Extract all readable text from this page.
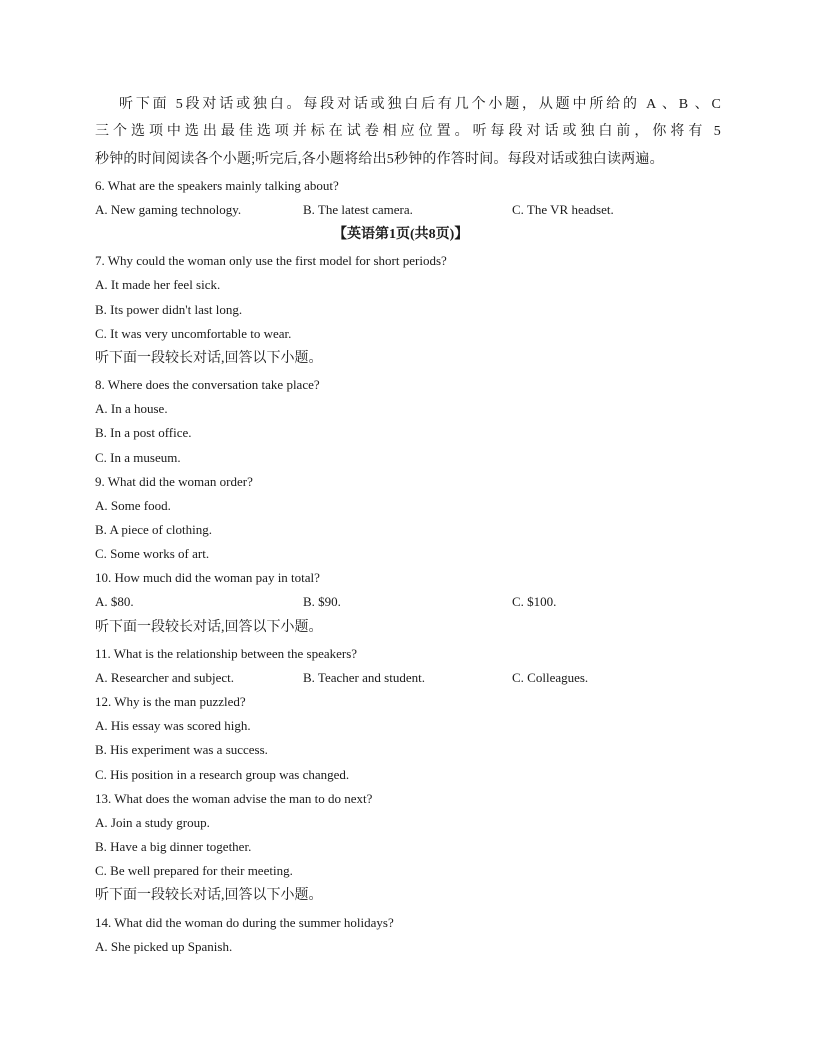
听下面 5段对话或独白。每段对话或独白后有几个小题，从题中所给的 A 、B 、C
三个选项中选出最佳选项并标在试卷相应位置。听每段对话或独白前，你将有 5
秒钟的时间阅读各个小题;听完后,各小题将给出5秒钟的作答时间。每段对话或独白读两遍。
6. What are the speakers mainly talking about?
A. New gaming technology.	B. The latest camera.	C. The VR headset.
【英语第1页(共8页)】
7. Why could the woman only use the first model for short periods?
A. It made her feel sick.
B. Its power didn't last long.
C. It was very uncomfortable to wear.
听下面一段较长对话,回答以下小题。
8. Where does the conversation take place?
A. In a house.
B. In a post office.
C. In a museum.
9. What did the woman order?
A. Some food.
B. A piece of clothing.
C. Some works of art.
10. How much did the woman pay in total?
A. $80.	B. $90.	C. $100.
听下面一段较长对话,回答以下小题。
11. What is the relationship between the speakers?
A. Researcher and subject.	B. Teacher and student.	C. Colleagues.
12. Why is the man puzzled?
A. His essay was scored high.
B. His experiment was a success.
C. His position in a research group was changed.
13. What does the woman advise the man to do next?
A. Join a study group.
B. Have a big dinner together.
C. Be well prepared for their meeting.
听下面一段较长对话,回答以下小题。
14. What did the woman do during the summer holidays?
A. She picked up Spanish.
